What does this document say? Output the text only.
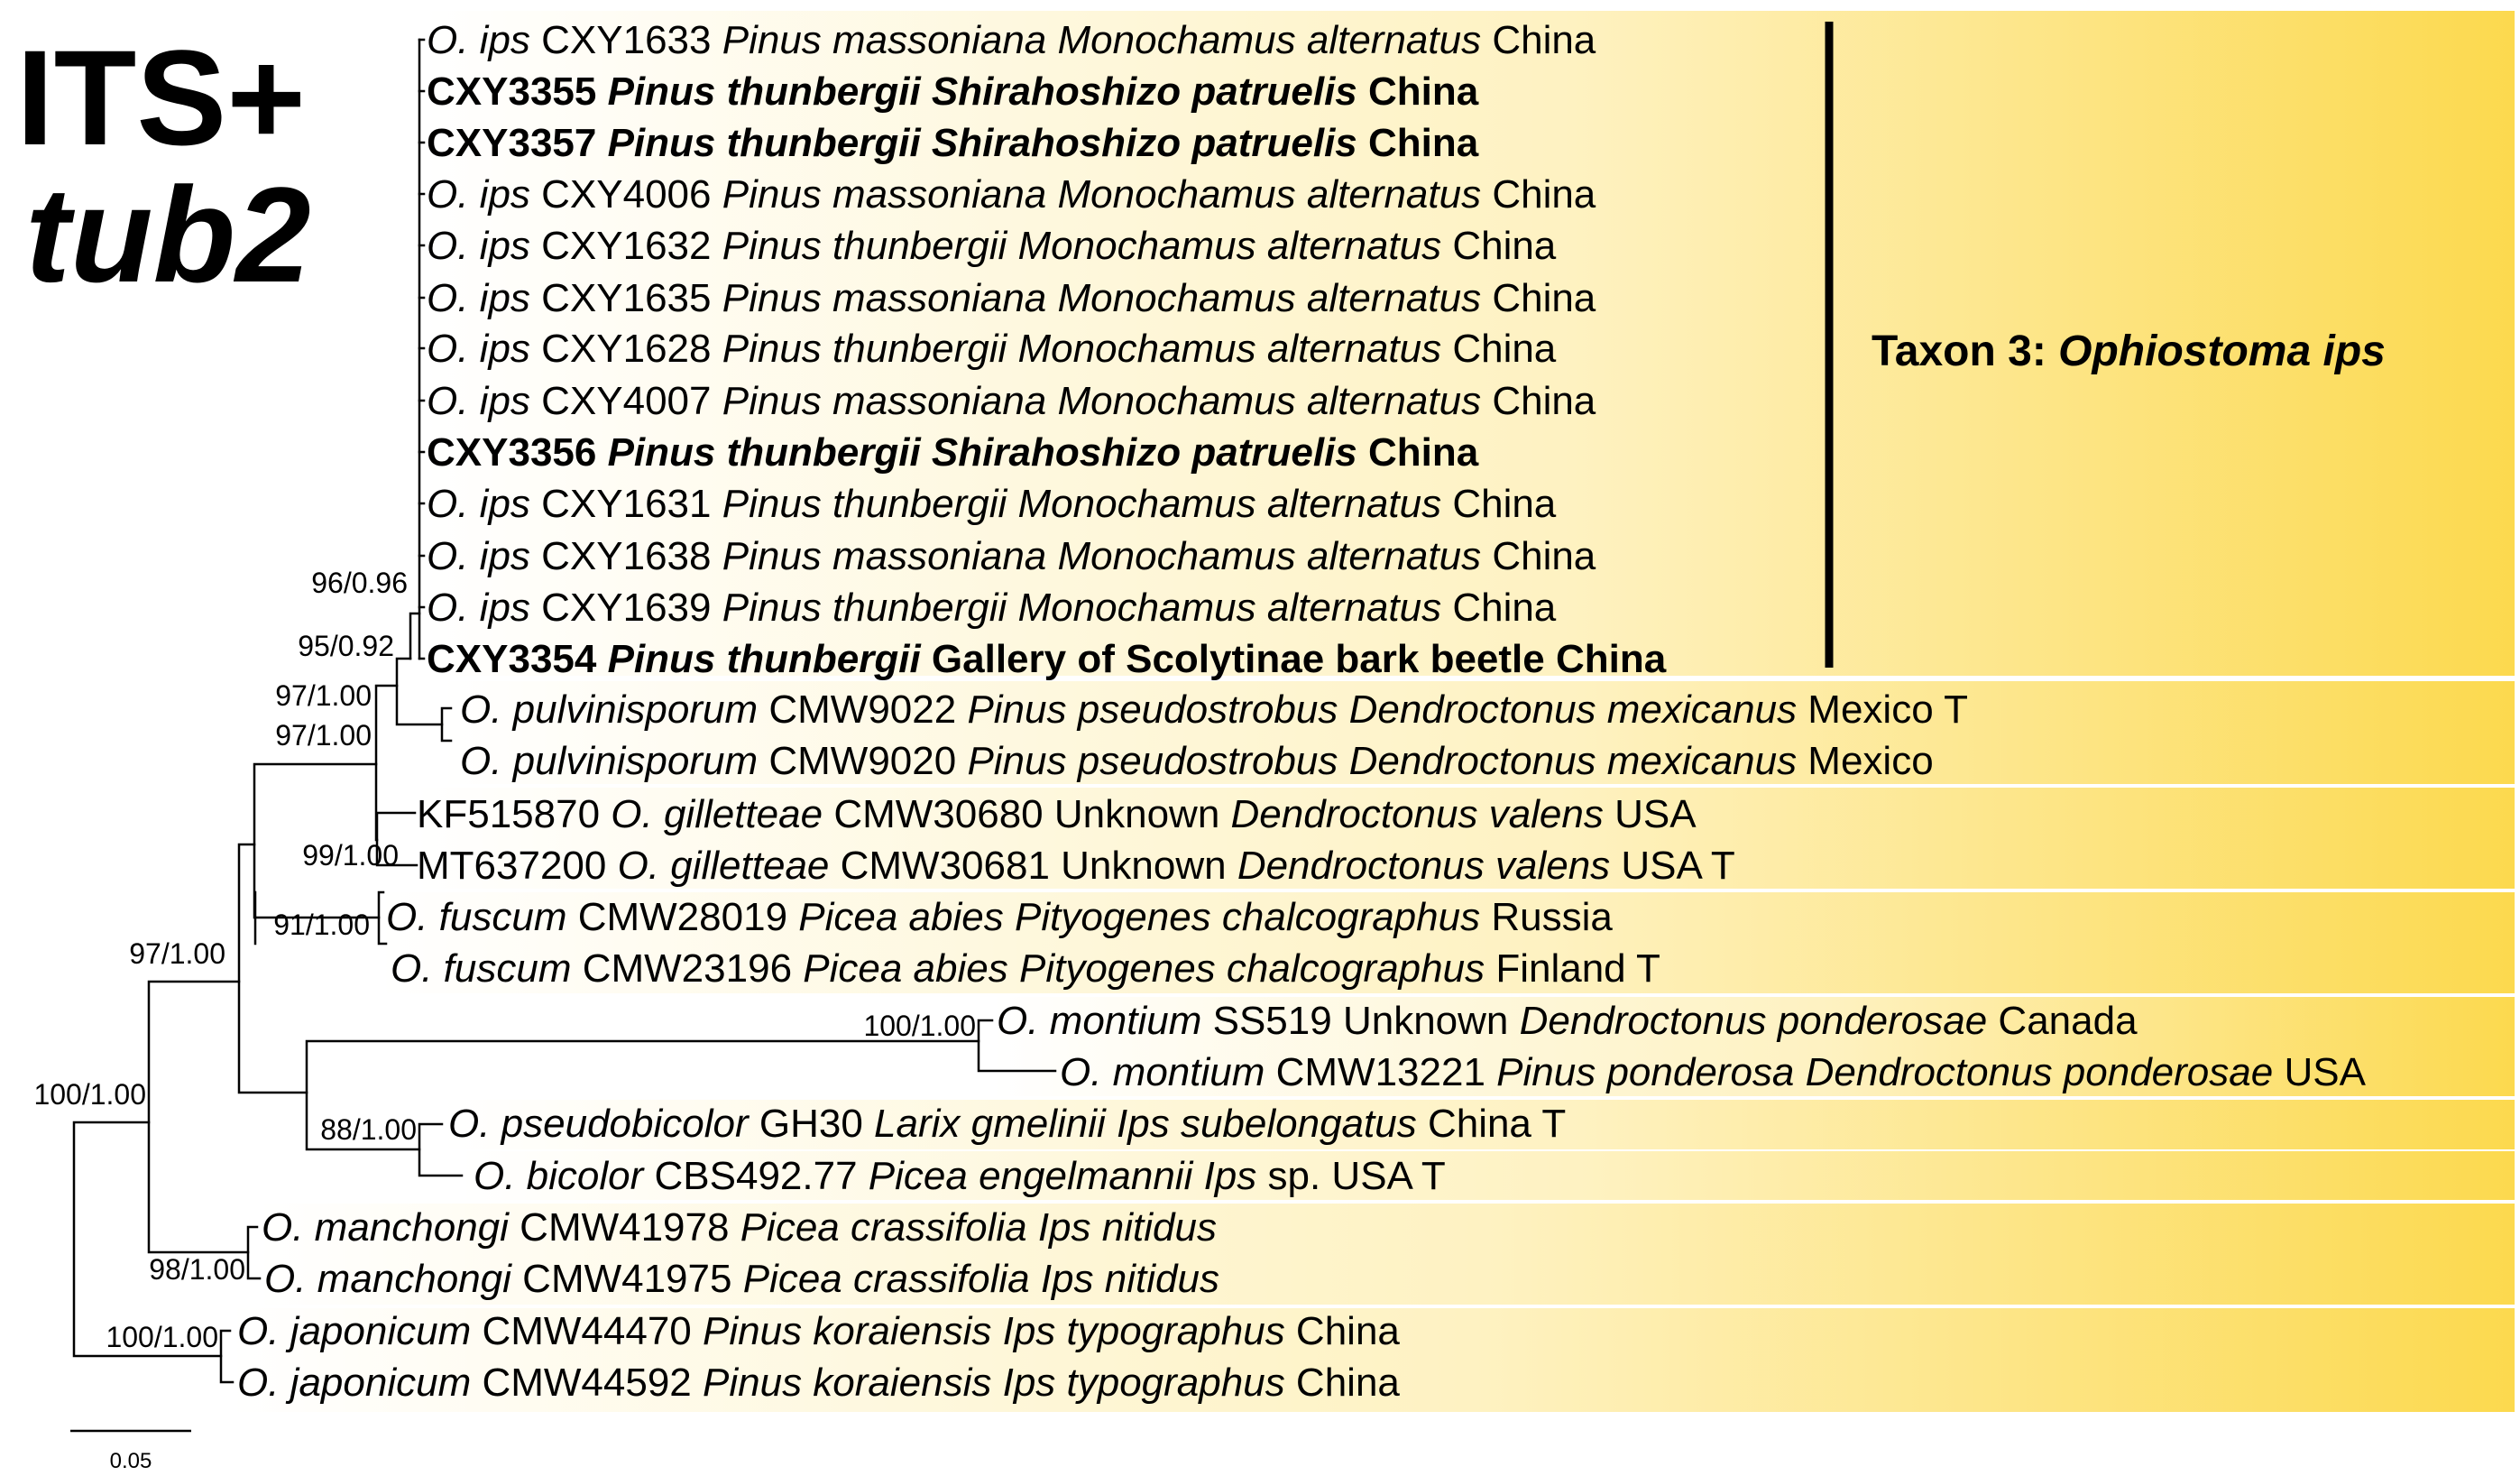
ITS+
tub2
96/0.96
95/0.92
97/1.00
97/1.00
99/1.00
91/1.00
97/1.00
100/1.00
100/1.00
88/1.00
98/1.00
100/1.00
Taxon 3: Ophiostoma ips
0.05
O. ips CXY1633 Pinus massoniana Monochamus alternatus China
CXY3355 Pinus thunbergii Shirahoshizo patruelis China
CXY3357 Pinus thunbergii Shirahoshizo patruelis China
O. ips CXY4006 Pinus massoniana Monochamus alternatus China
O. ips CXY1632 Pinus thunbergii Monochamus alternatus China
O. ips CXY1635 Pinus massoniana Monochamus alternatus China
O. ips CXY1628 Pinus thunbergii Monochamus alternatus China
O. ips CXY4007 Pinus massoniana Monochamus alternatus China
CXY3356 Pinus thunbergii Shirahoshizo patruelis China
O. ips CXY1631 Pinus thunbergii Monochamus alternatus China
O. ips CXY1638 Pinus massoniana Monochamus alternatus China
O. ips CXY1639 Pinus thunbergii Monochamus alternatus China
CXY3354 Pinus thunbergii Gallery of Scolytinae bark beetle China
O. pulvinisporum CMW9022 Pinus pseudostrobus Dendroctonus mexicanus Mexico T
O. pulvinisporum CMW9020 Pinus pseudostrobus Dendroctonus mexicanus Mexico
KF515870 O. gilletteae CMW30680 Unknown Dendroctonus valens USA
MT637200 O. gilletteae CMW30681 Unknown Dendroctonus valens USA T
O. fuscum CMW28019 Picea abies Pityogenes chalcographus Russia
O. fuscum CMW23196 Picea abies Pityogenes chalcographus Finland T
O. montium SS519 Unknown Dendroctonus ponderosae Canada
O. montium CMW13221 Pinus ponderosa Dendroctonus ponderosae USA
O. pseudobicolor GH30 Larix gmelinii Ips subelongatus China T
O. bicolor CBS492.77 Picea engelmannii Ips sp. USA T
O. manchongi CMW41978 Picea crassifolia Ips nitidus
O. manchongi CMW41975 Picea crassifolia Ips nitidus
O. japonicum CMW44470 Pinus koraiensis Ips typographus China
O. japonicum CMW44592 Pinus koraiensis Ips typographus China
